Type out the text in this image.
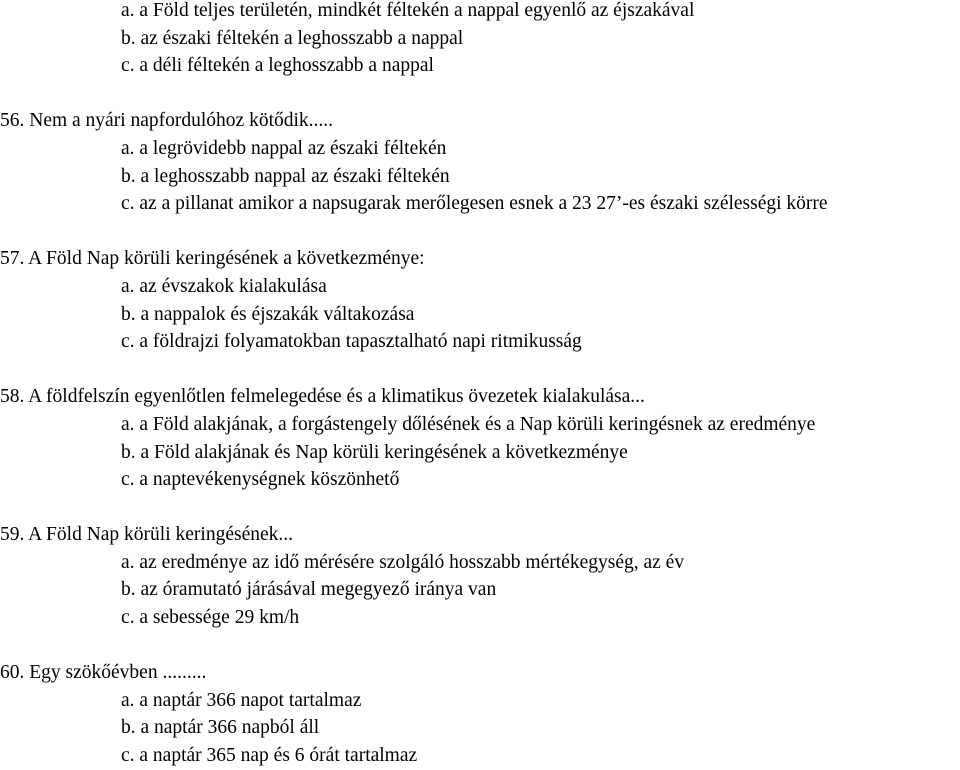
a. a Föld teljes területén, mindkét féltekén a nappal egyenlő az éjszakával
b. az északi féltekén a leghosszabb a nappal
c. a déli féltekén a leghosszabb a nappal
56. Nem a nyári napfordulóhoz kötődik.....
a. a legrövidebb nappal az északi féltekén
b. a leghosszabb nappal az északi féltekén
c. az a pillanat amikor a napsugarak merőlegesen esnek a 23 27’-es északi szélességi körre
57. A Föld Nap körüli keringésének a következménye:
a. az évszakok kialakulása
b. a nappalok és éjszakák váltakozása
c. a földrajzi folyamatokban tapasztalható napi ritmikusság
58. A földfelszín egyenlőtlen felmelegedése és a klimatikus övezetek kialakulása...
a. a Föld alakjának, a forgástengely dőlésének és a Nap körüli keringésnek az eredménye
b. a Föld alakjának és Nap körüli keringésének a következménye
c. a naptevékenységnek köszönhető
59. A Föld Nap körüli keringésének...
a. az eredménye az idő mérésére szolgáló hosszabb mértékegység, az év
b. az óramutató járásával megegyező iránya van
c. a sebessége 29 km/h
60. Egy szökőévben .........
a. a naptár 366 napot tartalmaz
b. a naptár 366 napból áll
c. a naptár 365 nap és 6 órát tartalmaz
